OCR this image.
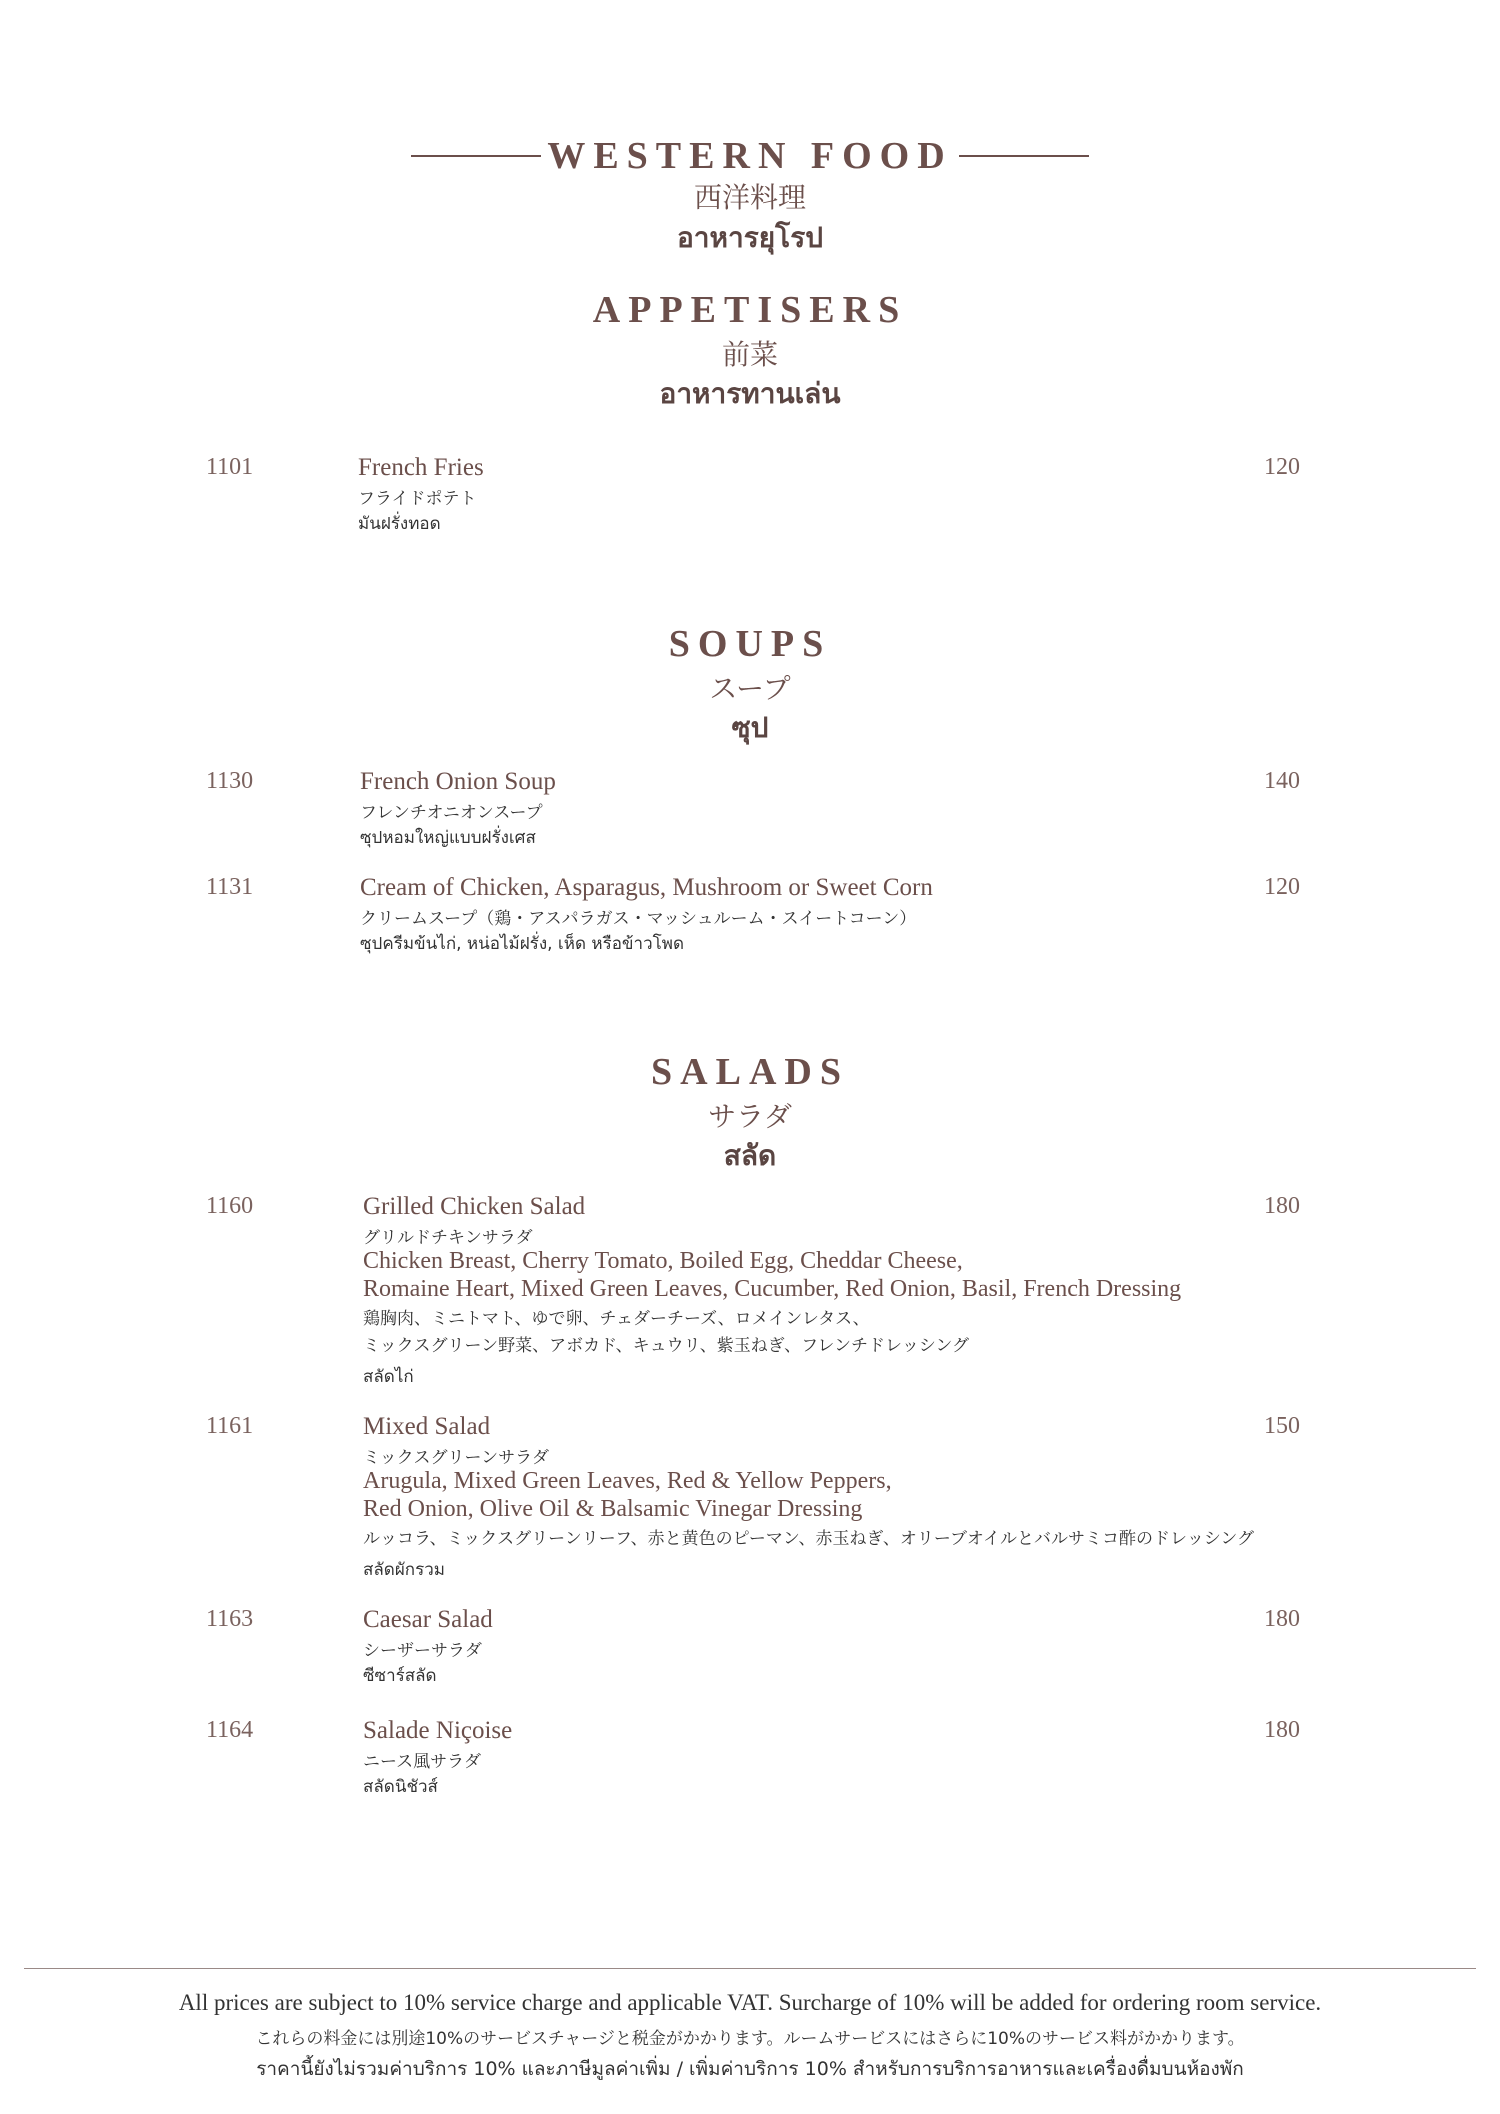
WESTERN FOOD
西洋料理
อาหารยุโรป
APPETISERS
前菜
อาหารทานเล่น
1101	French Fries	120
フライドポテト
มันฝรั่งทอด
SOUPS
スープ
ซุป
1130	French Onion Soup	140
フレンチオニオンスープ
ซุปหอมใหญ่แบบฝรั่งเศส
1131	Cream of Chicken, Asparagus, Mushroom or Sweet Corn	120
クリームスープ（鶏・アスパラガス・マッシュルーム・スイートコーン）
ซุปครีมข้นไก่, หน่อไม้ฝรั่ง, เห็ด หรือข้าวโพด
SALADS
サラダ
สลัด
1160	Grilled Chicken Salad	180
グリルドチキンサラダ
Chicken Breast, Cherry Tomato, Boiled Egg, Cheddar Cheese,
Romaine Heart, Mixed Green Leaves, Cucumber, Red Onion, Basil, French Dressing
鶏胸肉、ミニトマト、ゆで卵、チェダーチーズ、ロメインレタス、
ミックスグリーン野菜、アボカド、キュウリ、紫玉ねぎ、フレンチドレッシング
สลัดไก่
1161	Mixed Salad	150
ミックスグリーンサラダ
Arugula, Mixed Green Leaves, Red & Yellow Peppers,
Red Onion, Olive Oil & Balsamic Vinegar Dressing
ルッコラ、ミックスグリーンリーフ、赤と黄色のピーマン、赤玉ねぎ、オリーブオイルとバルサミコ酢のドレッシング
สลัดผักรวม
1163	Caesar Salad	180
シーザーサラダ
ซีซาร์สลัด
1164	Salade Niçoise	180
ニース風サラダ
สลัดนิชัวส์
All prices are subject to 10% service charge and applicable VAT. Surcharge of 10% will be added for ordering room service.
これらの料金には別途10%のサービスチャージと税金がかかります。ルームサービスにはさらに10%のサービス料がかかります。
ราคานี้ยังไม่รวมค่าบริการ 10% และภาษีมูลค่าเพิ่ม / เพิ่มค่าบริการ 10% สำหรับการบริการอาหารและเครื่องดื่มบนห้องพัก
